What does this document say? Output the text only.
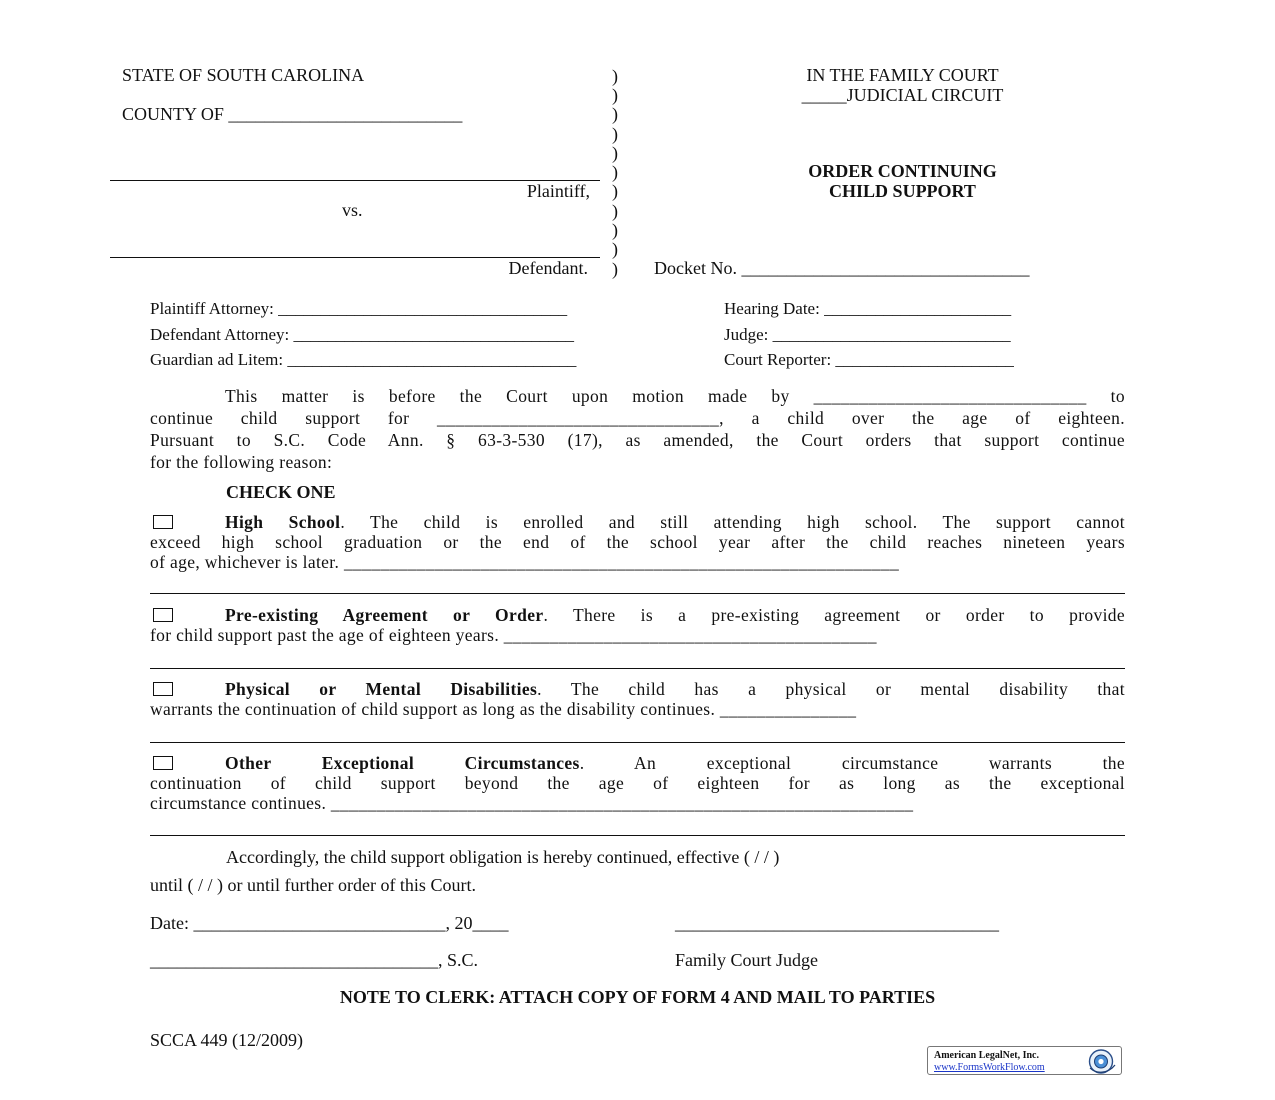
STATE OF SOUTH CAROLINA
COUNTY OF __________________________
Plaintiff,
vs.
Defendant.
)
)
)
)
)
)
)
)
)
)
)
IN THE FAMILY COURT
_____JUDICIAL CIRCUIT
ORDER CONTINUING
CHILD SUPPORT
Docket No. ________________________________
Plaintiff Attorney: __________________________________
Defendant Attorney: _________________________________
Guardian ad Litem: __________________________________
Hearing Date: ______________________
Judge: ____________________________
Court Reporter: _____________________
This matter is before the Court upon motion made by ______________________________ to
continue child support for _______________________________, a child over the age of eighteen.
Pursuant to S.C. Code Ann. § 63-3-530 (17), as amended, the Court orders that support continue
for the following reason:
CHECK ONE
High School. The child is enrolled and still attending high school. The support cannot
exceed high school graduation or the end of the school year after the child reaches nineteen years
of age, whichever is later. _____________________________________________________________
Pre-existing Agreement or Order. There is a pre-existing agreement or order to provide
for child support past the age of eighteen years. _________________________________________
Physical or Mental Disabilities. The child has a physical or mental disability that
warrants the continuation of child support as long as the disability continues. _______________
Other Exceptional Circumstances. An exceptional circumstance warrants the
continuation of child support beyond the age of eighteen for as long as the exceptional
circumstance continues. ________________________________________________________________
Accordingly, the child support obligation is hereby continued, effective ( / / )
until ( / / ) or until further order of this Court.
Date: ____________________________, 20____	____________________________________
________________________________, S.C.	Family Court Judge
NOTE TO CLERK: ATTACH COPY OF FORM 4 AND MAIL TO PARTIES
SCCA 449 (12/2009)
American LegalNet, Inc.
www.FormsWorkFlow.com
